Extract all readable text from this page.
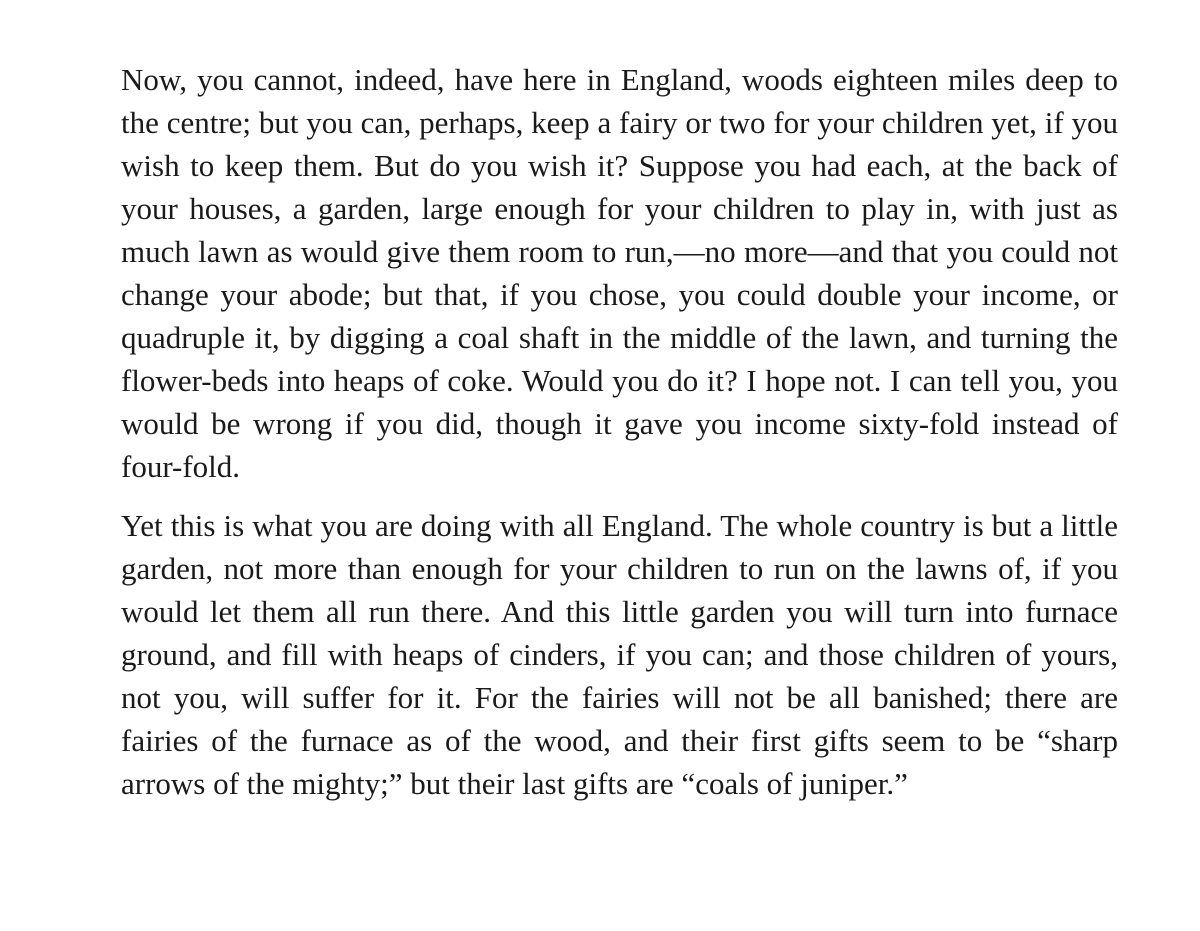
Now, you cannot, indeed, have here in England, woods eighteen miles deep to the centre; but you can, perhaps, keep a fairy or two for your children yet, if you wish to keep them. But do you wish it? Suppose you had each, at the back of your houses, a garden, large enough for your children to play in, with just as much lawn as would give them room to run,—no more—and that you could not change your abode; but that, if you chose, you could double your income, or quadruple it, by digging a coal shaft in the middle of the lawn, and turning the flower-beds into heaps of coke. Would you do it? I hope not. I can tell you, you would be wrong if you did, though it gave you income sixty-fold instead of four-fold.

Yet this is what you are doing with all England. The whole country is but a little garden, not more than enough for your children to run on the lawns of, if you would let them all run there. And this little garden you will turn into furnace ground, and fill with heaps of cinders, if you can; and those children of yours, not you, will suffer for it. For the fairies will not be all banished; there are fairies of the furnace as of the wood, and their first gifts seem to be “sharp arrows of the mighty;” but their last gifts are “coals of juniper.”
